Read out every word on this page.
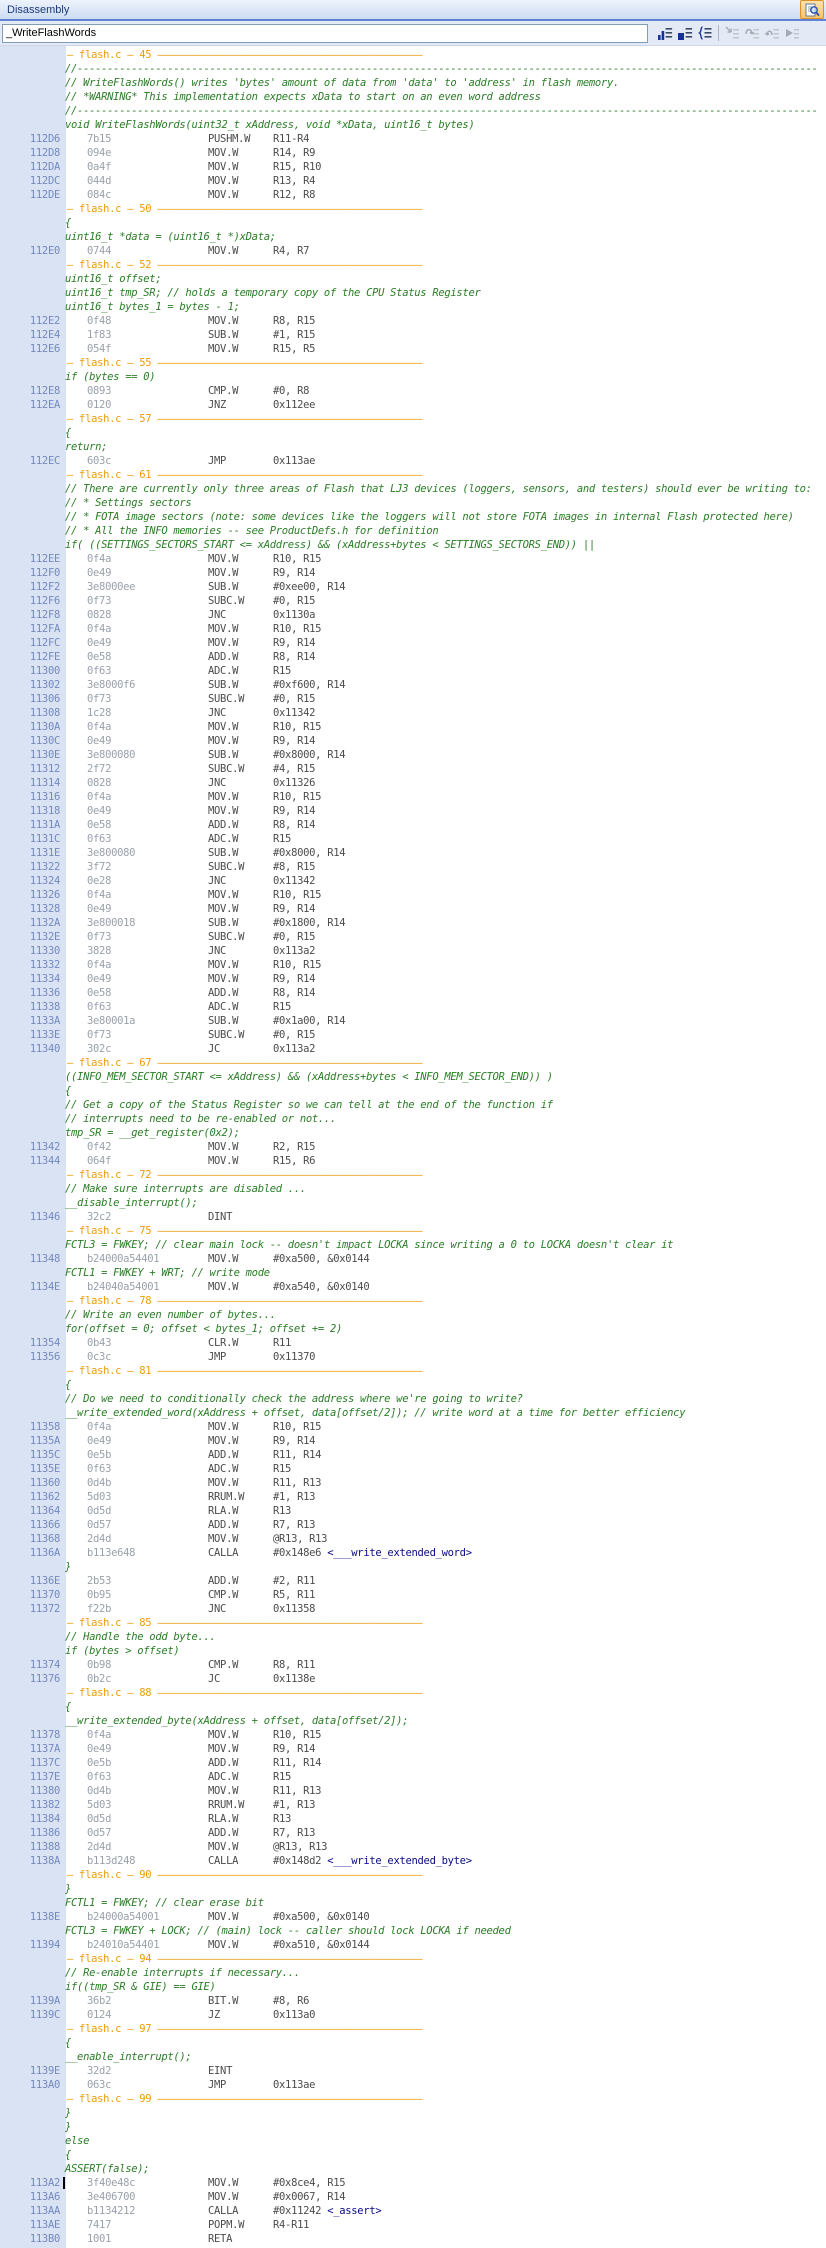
Disassembly
_WriteFlashWords
— flash.c — 45 ————————————————————————————————————————————
//---------------------------------------------------------------------------------------------------------------------------
// WriteFlashWords() writes 'bytes' amount of data from 'data' to 'address' in flash memory.
// *WARNING* This implementation expects xData to start on an even word address
//---------------------------------------------------------------------------------------------------------------------------
void WriteFlashWords(uint32_t xAddress, void *xData, uint16_t bytes)
112D6	7b15	PUSHM.W R11-R4
112D8	094e	MOV.W	R14, R9
112DA	0a4f	MOV.W	R15, R10
112DC	044d	MOV.W	R13, R4
112DE	084c	MOV.W	R12, R8
— flash.c — 50 ————————————————————————————————————————————
{
uint16_t *data = (uint16_t *)xData;
112E0	0744	MOV.W	R4, R7
— flash.c — 52 ————————————————————————————————————————————
uint16_t offset;
uint16_t tmp_SR; // holds a temporary copy of the CPU Status Register
uint16_t bytes_1 = bytes - 1;
112E2	0f48	MOV.W	R8, R15
112E4	1f83	SUB.W	#1, R15
112E6	054f	MOV.W	R15, R5
— flash.c — 55 ————————————————————————————————————————————
if (bytes == 0)
112E8	0893	CMP.W	#0, R8
112EA	0120	JNZ	0x112ee
— flash.c — 57 ————————————————————————————————————————————
{
return;
112EC	603c	JMP	0x113ae
— flash.c — 61 ————————————————————————————————————————————
// There are currently only three areas of Flash that LJ3 devices (loggers, sensors, and testers) should ever be writing to:
// * Settings sectors
// * FOTA image sectors (note: some devices like the loggers will not store FOTA images in internal Flash protected here)
// * All the INFO memories -- see ProductDefs.h for definition
if( ((SETTINGS_SECTORS_START <= xAddress) && (xAddress+bytes < SETTINGS_SECTORS_END)) ||
112EE	0f4a	MOV.W	R10, R15
112F0	0e49	MOV.W	R9, R14
112F2	3e8000ee	SUB.W	#0xee00, R14
112F6	0f73	SUBC.W	#0, R15
112F8	0828	JNC	0x1130a
112FA	0f4a	MOV.W	R10, R15
112FC	0e49	MOV.W	R9, R14
112FE	0e58	ADD.W	R8, R14
11300	0f63	ADC.W	R15
11302	3e8000f6	SUB.W	#0xf600, R14
11306	0f73	SUBC.W	#0, R15
11308	1c28	JNC	0x11342
1130A	0f4a	MOV.W	R10, R15
1130C	0e49	MOV.W	R9, R14
1130E	3e800080	SUB.W	#0x8000, R14
11312	2f72	SUBC.W	#4, R15
11314	0828	JNC	0x11326
11316	0f4a	MOV.W	R10, R15
11318	0e49	MOV.W	R9, R14
1131A	0e58	ADD.W	R8, R14
1131C	0f63	ADC.W	R15
1131E	3e800080	SUB.W	#0x8000, R14
11322	3f72	SUBC.W	#8, R15
11324	0e28	JNC	0x11342
11326	0f4a	MOV.W	R10, R15
11328	0e49	MOV.W	R9, R14
1132A	3e800018	SUB.W	#0x1800, R14
1132E	0f73	SUBC.W	#0, R15
11330	3828	JNC	0x113a2
11332	0f4a	MOV.W	R10, R15
11334	0e49	MOV.W	R9, R14
11336	0e58	ADD.W	R8, R14
11338	0f63	ADC.W	R15
1133A	3e80001a	SUB.W	#0x1a00, R14
1133E	0f73	SUBC.W	#0, R15
11340	302c	JC	0x113a2
— flash.c — 67 ————————————————————————————————————————————
((INFO_MEM_SECTOR_START <= xAddress) && (xAddress+bytes < INFO_MEM_SECTOR_END)) )
{
// Get a copy of the Status Register so we can tell at the end of the function if
// interrupts need to be re-enabled or not...
tmp_SR = __get_register(0x2);
11342	0f42	MOV.W	R2, R15
11344	064f	MOV.W	R15, R6
— flash.c — 72 ————————————————————————————————————————————
// Make sure interrupts are disabled ...
__disable_interrupt();
11346	32c2	DINT
— flash.c — 75 ————————————————————————————————————————————
FCTL3 = FWKEY; // clear main lock -- doesn't impact LOCKA since writing a 0 to LOCKA doesn't clear it
11348	b24000a54401	MOV.W	#0xa500, &0x0144
FCTL1 = FWKEY + WRT; // write mode
1134E	b24040a54001	MOV.W	#0xa540, &0x0140
— flash.c — 78 ————————————————————————————————————————————
// Write an even number of bytes...
for(offset = 0; offset < bytes_1; offset += 2)
11354	0b43	CLR.W	R11
11356	0c3c	JMP	0x11370
— flash.c — 81 ————————————————————————————————————————————
{
// Do we need to conditionally check the address where we're going to write?
__write_extended_word(xAddress + offset, data[offset/2]); // write word at a time for better efficiency
11358	0f4a	MOV.W	R10, R15
1135A	0e49	MOV.W	R9, R14
1135C	0e5b	ADD.W	R11, R14
1135E	0f63	ADC.W	R15
11360	0d4b	MOV.W	R11, R13
11362	5d03	RRUM.W	#1, R13
11364	0d5d	RLA.W	R13
11366	0d57	ADD.W	R7, R13
11368	2d4d	MOV.W	@R13, R13
1136A	b113e648	CALLA	#0x148e6 <___write_extended_word>
}
1136E	2b53	ADD.W	#2, R11
11370	0b95	CMP.W	R5, R11
11372	f22b	JNC	0x11358
— flash.c — 85 ————————————————————————————————————————————
// Handle the odd byte...
if (bytes > offset)
11374	0b98	CMP.W	R8, R11
11376	0b2c	JC	0x1138e
— flash.c — 88 ————————————————————————————————————————————
{
__write_extended_byte(xAddress + offset, data[offset/2]);
11378	0f4a	MOV.W	R10, R15
1137A	0e49	MOV.W	R9, R14
1137C	0e5b	ADD.W	R11, R14
1137E	0f63	ADC.W	R15
11380	0d4b	MOV.W	R11, R13
11382	5d03	RRUM.W	#1, R13
11384	0d5d	RLA.W	R13
11386	0d57	ADD.W	R7, R13
11388	2d4d	MOV.W	@R13, R13
1138A	b113d248	CALLA	#0x148d2 <___write_extended_byte>
— flash.c — 90 ————————————————————————————————————————————
}
FCTL1 = FWKEY; // clear erase bit
1138E	b24000a54001	MOV.W	#0xa500, &0x0140
FCTL3 = FWKEY + LOCK; // (main) lock -- caller should lock LOCKA if needed
11394	b24010a54401	MOV.W	#0xa510, &0x0144
— flash.c — 94 ————————————————————————————————————————————
// Re-enable interrupts if necessary...
if((tmp_SR & GIE) == GIE)
1139A	36b2	BIT.W	#8, R6
1139C	0124	JZ	0x113a0
— flash.c — 97 ————————————————————————————————————————————
{
__enable_interrupt();
1139E	32d2	EINT
113A0	063c	JMP	0x113ae
— flash.c — 99 ————————————————————————————————————————————
}
}
else
{
ASSERT(false);
113A2	3f40e48c	MOV.W	#0x8ce4, R15
113A6	3e406700	MOV.W	#0x0067, R14
113AA	b1134212	CALLA	#0x11242 <_assert>
113AE	7417	POPM.W	R4-R11
113B0	1001	RETA
